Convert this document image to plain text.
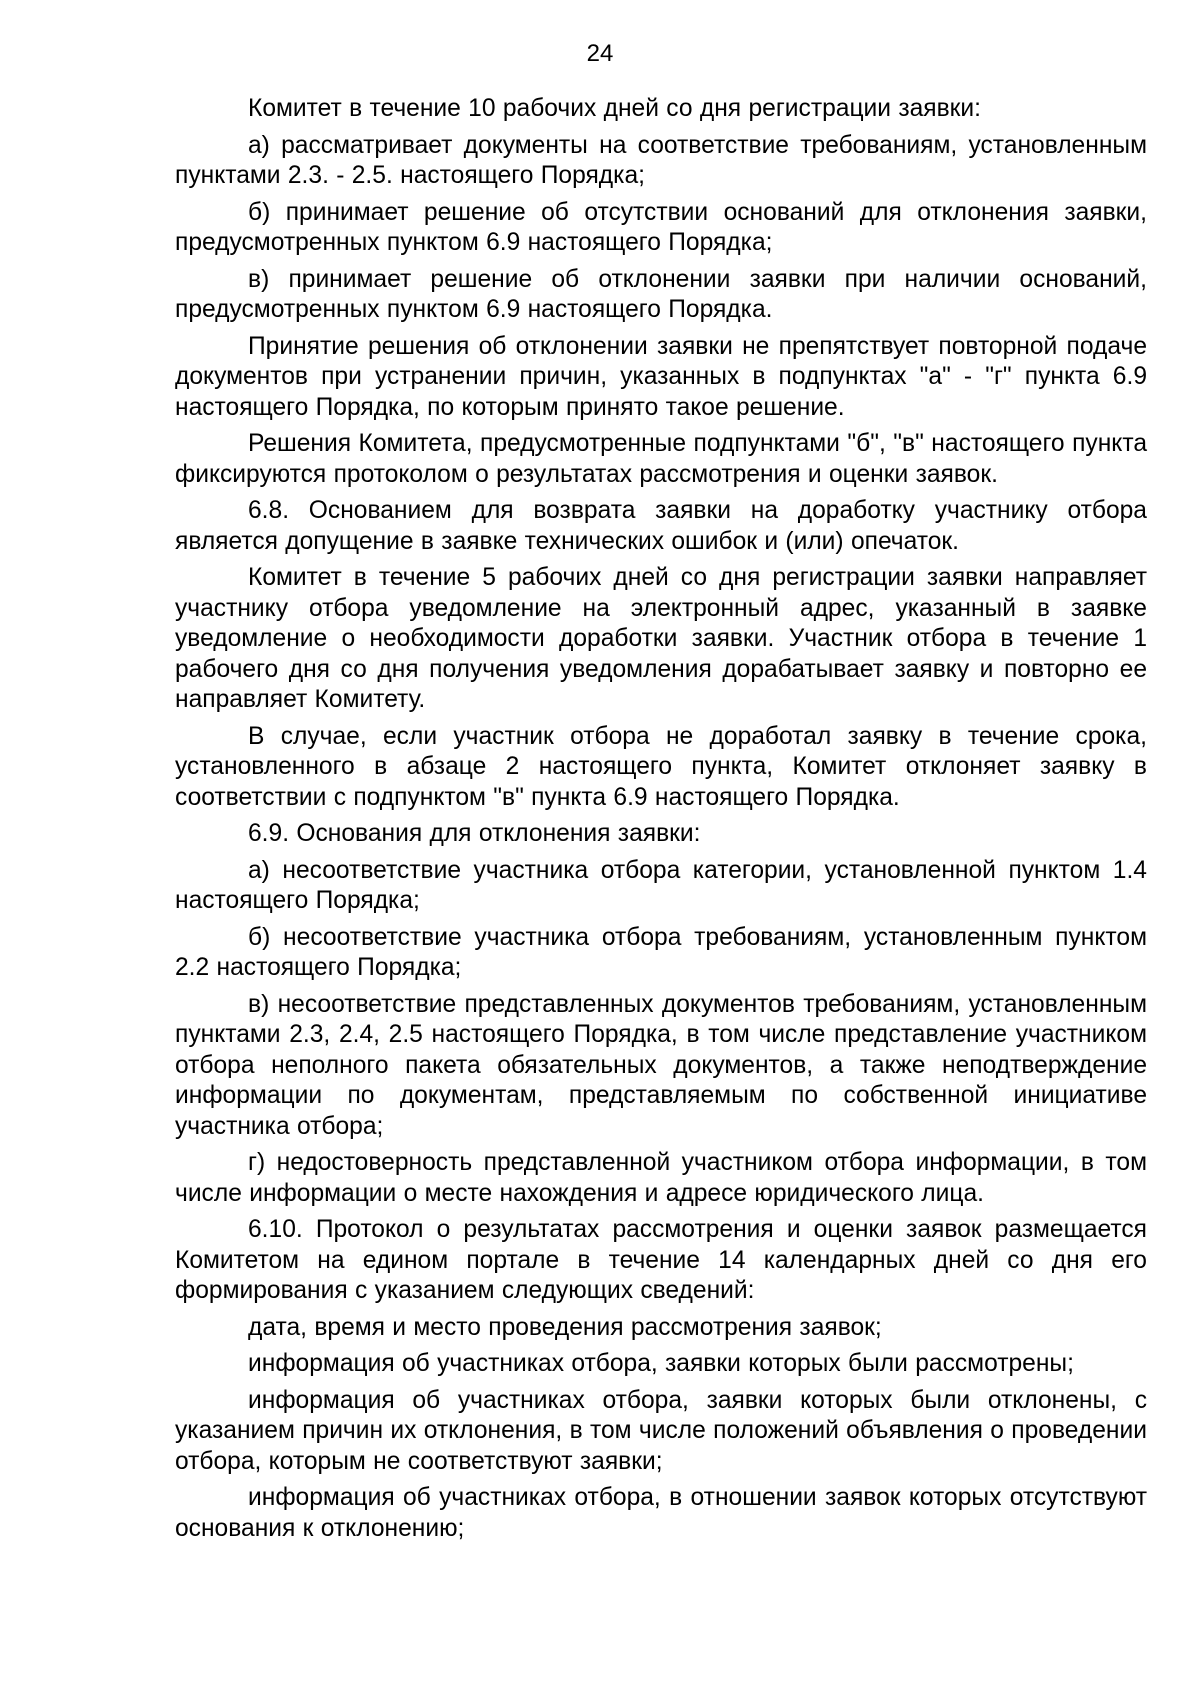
24

Комитет в течение 10 рабочих дней со дня регистрации заявки:

а) рассматривает документы на соответствие требованиям, установленным пунктами 2.3. - 2.5. настоящего Порядка;

б) принимает решение об отсутствии оснований для отклонения заявки, предусмотренных пунктом 6.9 настоящего Порядка;

в) принимает решение об отклонении заявки при наличии оснований, предусмотренных пунктом 6.9 настоящего Порядка.

Принятие решения об отклонении заявки не препятствует повторной подаче документов при устранении причин, указанных в подпунктах "а" - "г" пункта 6.9 настоящего Порядка, по которым принято такое решение.

Решения Комитета, предусмотренные подпунктами "б", "в" настоящего пункта фиксируются протоколом о результатах рассмотрения и оценки заявок.

6.8. Основанием для возврата заявки на доработку участнику отбора является допущение в заявке технических ошибок и (или) опечаток.

Комитет в течение 5 рабочих дней со дня регистрации заявки направляет участнику отбора уведомление на электронный адрес, указанный в заявке уведомление о необходимости доработки заявки. Участник отбора в течение 1 рабочего дня со дня получения уведомления дорабатывает заявку и повторно ее направляет Комитету.

В случае, если участник отбора не доработал заявку в течение срока, установленного в абзаце 2 настоящего пункта, Комитет отклоняет заявку в соответствии с подпунктом "в" пункта 6.9 настоящего Порядка.

6.9. Основания для отклонения заявки:

а) несоответствие участника отбора категории, установленной пунктом 1.4 настоящего Порядка;

б) несоответствие участника отбора требованиям, установленным пунктом 2.2 настоящего Порядка;

в) несоответствие представленных документов требованиям, установленным пунктами 2.3, 2.4, 2.5 настоящего Порядка, в том числе представление участником отбора неполного пакета обязательных документов, а также неподтверждение информации по документам, представляемым по собственной инициативе участника отбора;

г) недостоверность представленной участником отбора информации, в том числе информации о месте нахождения и адресе юридического лица.

6.10. Протокол о результатах рассмотрения и оценки заявок размещается Комитетом на едином портале в течение 14 календарных дней со дня его формирования с указанием следующих сведений:

дата, время и место проведения рассмотрения заявок;

информация об участниках отбора, заявки которых были рассмотрены;

информация об участниках отбора, заявки которых были отклонены, с указанием причин их отклонения, в том числе положений объявления о проведении отбора, которым не соответствуют заявки;

информация об участниках отбора, в отношении заявок которых отсутствуют основания к отклонению;
